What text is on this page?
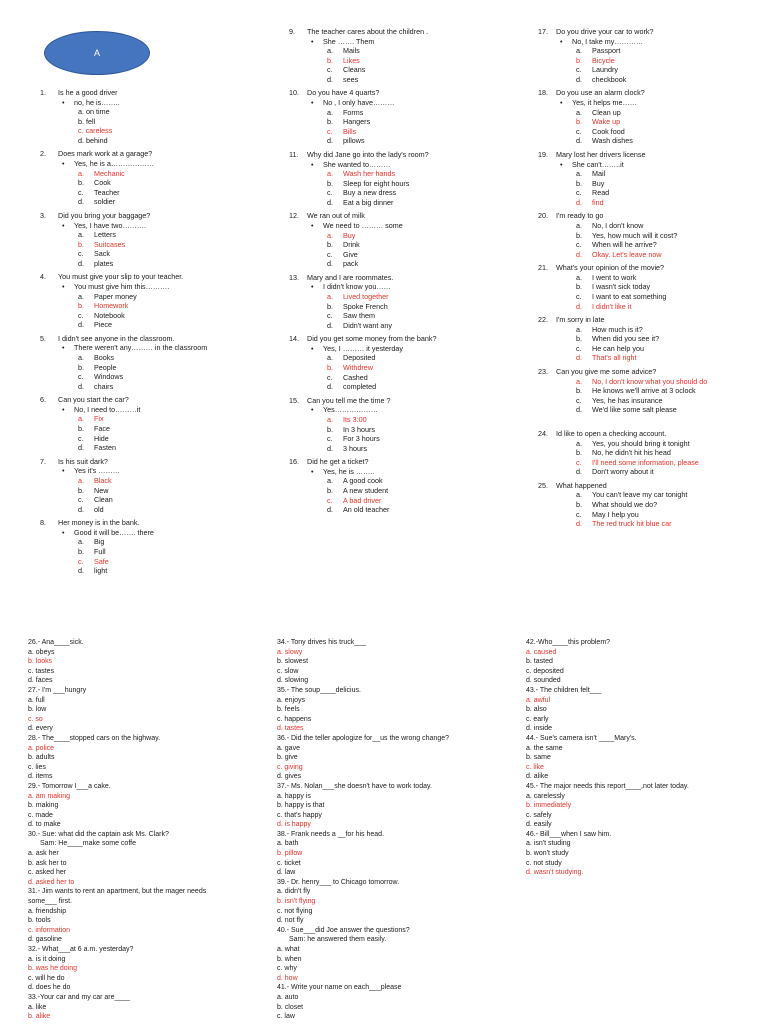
A
1. Is he a good driver
• no, he is……..
a. on time
b. fell
c. careless
d. behind
2. Does mark work at a garage?
• Yes, he is a………………
a. Mechanic
b. Cook
c. Teacher
d. soldier
3. Did you bring your baggage?
• Yes, I have two……….
a. Letters
b. Suitcases
c. Sack
d. plates
4. You must give your slip to your teacher.
• You must give him this……….
a. Paper money
b. Homework
c. Notebook
d. Piece
5. I didn't see anyone in the classroom.
• There weren't any……… in the classroom
a. Books
b. People
c. Windows
d. chairs
6. Can you start the car?
• No, I need to………it
a. Fix
b. Face
c. Hide
d. Fasten
7. Is his suit dark?
• Yes it's ………
a. Black
b. New
c. Clean
d. old
8. Her money is in the bank.
• Good it will be……. there
a. Big
b. Full
c. Safe
d. light
9. The teacher cares about the children .
• She ……. Them
a. Mails
b. Likes
c. Cleans
d. sees
10. Do you have 4 quarts?
• No , I only have………
a. Forms
b. Hangers
c. Bills
d. pillows
11. Why did Jane go into the lady's room?
• She wanted to………
a. Wash her hands
b. Sleep for eight hours
c. Buy a new dress
d. Eat a big dinner
12. We ran out of milk
• We need to ……… some
a. Buy
b. Drink
c. Give
d. pack
13. Mary and I are roommates.
• I didn't know you……
a. Lived together
b. Spoke French
c. Saw them
d. Didn't want any
14. Did you get some money from the bank?
• Yes, I ……… it yesterday
a. Deposited
b. Withdrew
c. Cashed
d. completed
15. Can you tell me the time ?
• Yes………………
a. Its 3:00
b. In 3 hours
c. For 3 hours
d. 3 hours
16. Did he get a ticket?
• Yes, he is ……..
a. A good cook
b. A new student
c. A bad driver
d. An old teacher
17. Do you drive your car to work?
• No, I take my…………
a. Passport
b. Bicycle
c. Laundry
d. checkbook
18. Do you use an alarm clock?
• Yes, it helps me……
a. Clean up
b. Wake up
c. Cook food
d. Wash dishes
19. Mary lost her drivers license
• She can't……..it
a. Mail
b. Buy
c. Read
d. find
20. I'm ready to go
a. No, I don't know
b. Yes, how much will it cost?
c. When will he arrive?
d. Okay. Let's leave now
21. What's your opinion of the movie?
a. I went to work
b. I wasn't sick today
c. I want to eat something
d. I didn't like it
22. I'm sorry in late
a. How much is it?
b. When did you see it?
c. He can help you
d. That's all right
23. Can you give me some advice?
a. No, I don't know what you should do
b. He knows we'll arrive at 3 oclock
c. Yes, he has insurance
d. We'd like some salt please
24. Id like to open a checking account.
a. Yes, you should bring it tonight
b. No, he didn't hit his head
c. I'll need some information, please
d. Don't worry about it
25. What happened
a. You can't leave my car tonight
b. What should we do?
c. May I help you
d. The red truck hit blue car
26.- Ana____sick.
a. obeys
b. looks
c. tastes
d. faces
27.- I'm ___hungry
a. full
b. low
c. so
d. every
28.- The____stopped cars on the highway.
a. police
b. adults
c. lies
d. items
29.- Tomorrow I___a cake.
a. am making
b. making
c. made
d. to make
30.- Sue: what did the captain ask Ms. Clark?
Sam: He____make some coffe
a. ask her
b. ask her to
c. asked her
d. asked her to
31.- Jim wants to rent an apartment, but the mager needs
some___ first.
a. friendship
b. tools
c. information
d. gasoline
32.- What___at 6 a.m. yesterday?
a. is it doing
b. was he doing
c. will he do
d. does he do
33.-Your car and my car are____
a. like
b. alike
34.- Tony drives his truck___
a. slowy
b. slowest
c. slow
d. slowing
35.- The soup____delicius.
a. enjoys
b. feels
c. happens
d. tastes
36.- Did the teller apologize for__us the wrong change?
a. gave
b. give
c. giving
d. gives
37.- Ms. Nolan___she doesn't have to work today.
a. happy is
b. happy is that
c. that's happy
d. is happy
38.- Frank needs a __for his head.
a. bath
b. pillow
c. ticket
d. law
39.- Dr. henry___ to Chicago tomorrow.
a. didn't fly
b. isn't flying
c. not flying
d. not fly
40.- Sue___did Joe answer the questions?
Sam: he answered them easily.
a. what
b. when
c. why
d. how
41.- Write your name on each___please
a. auto
b. closet
c. law
42.-Who____this problem?
a. caused
b. tasted
c. deposited
d. sounded
43.- The children felt___
a. awful
b. also
c. early
d. inside
44.- Sue's camera isn't ____Mary's.
a. the same
b. same
c. like
d. alike
45.- The major needs this report____,not later today.
a. carelessly
b. immediately
c. safely
d. easily
46.- Bill___when I saw him.
a. isn't studing
b. won't study
c. not study
d. wasn't studying.
